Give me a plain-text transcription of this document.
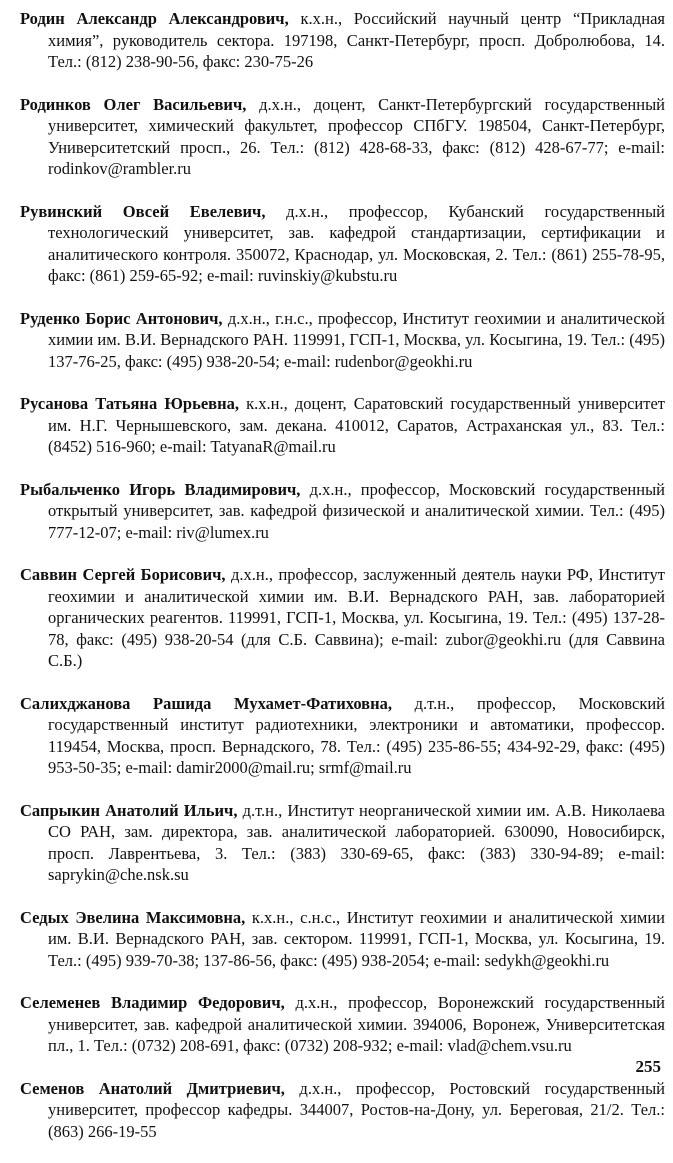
Родин Александр Александрович, к.х.н., Российский научный центр “Прикладная химия”, руководитель сектора. 197198, Санкт-Петербург, просп. Добролюбова, 14. Тел.: (812) 238-90-56, факс: 230-75-26

Родинков Олег Васильевич, д.х.н., доцент, Санкт-Петербургский государственный университет, химический факультет, профессор СПбГУ. 198504, Санкт-Петербург, Университетский просп., 26. Тел.: (812) 428-68-33, факс: (812) 428-67-77; e-mail: rodinkov@rambler.ru

Рувинский Овсей Евелевич, д.х.н., профессор, Кубанский государственный технологический университет, зав. кафедрой стандартизации, сертификации и аналитического контроля. 350072, Краснодар, ул. Московская, 2. Тел.: (861) 255-78-95, факс: (861) 259-65-92; e-mail: ruvinskiy@kubstu.ru

Руденко Борис Антонович, д.х.н., г.н.с., профессор, Институт геохимии и аналитической химии им. В.И. Вернадского РАН. 119991, ГСП-1, Москва, ул. Косыгина, 19. Тел.: (495) 137-76-25, факс: (495) 938-20-54; e-mail: rudenbor@geokhi.ru

Русанова Татьяна Юрьевна, к.х.н., доцент, Саратовский государственный университет им. Н.Г. Чернышевского, зам. декана. 410012, Саратов, Астраханская ул., 83. Тел.: (8452) 516-960; e-mail: TatyanaR@mail.ru

Рыбальченко Игорь Владимирович, д.х.н., профессор, Московский государственный открытый университет, зав. кафедрой физической и аналитической химии. Тел.: (495) 777-12-07; e-mail: riv@lumex.ru

Саввин Сергей Борисович, д.х.н., профессор, заслуженный деятель науки РФ, Институт геохимии и аналитической химии им. В.И. Вернадского РАН, зав. лабораторией органических реагентов. 119991, ГСП-1, Москва, ул. Косыгина, 19. Тел.: (495) 137-28-78, факс: (495) 938-20-54 (для С.Б. Саввина); e-mail: zubor@geokhi.ru (для Саввина С.Б.)

Салихджанова Рашида Мухамет-Фатиховна, д.т.н., профессор, Московский государственный институт радиотехники, электроники и автоматики, профессор. 119454, Москва, просп. Вернадского, 78. Тел.: (495) 235-86-55; 434-92-29, факс: (495) 953-50-35; e-mail: damir2000@mail.ru; srmf@mail.ru

Сапрыкин Анатолий Ильич, д.т.н., Институт неорганической химии им. А.В. Николаева СО РАН, зам. директора, зав. аналитической лабораторией. 630090, Новосибирск, просп. Лаврентьева, 3. Тел.: (383) 330-69-65, факс: (383) 330-94-89; e-mail: saprykin@che.nsk.su

Седых Эвелина Максимовна, к.х.н., с.н.с., Институт геохимии и аналитической химии им. В.И. Вернадского РАН, зав. сектором. 119991, ГСП-1, Москва, ул. Косыгина, 19. Тел.: (495) 939-70-38; 137-86-56, факс: (495) 938-2054; e-mail: sedykh@geokhi.ru

Селеменев Владимир Федорович, д.х.н., профессор, Воронежский государственный университет, зав. кафедрой аналитической химии. 394006, Воронеж, Университетская пл., 1. Тел.: (0732) 208-691, факс: (0732) 208-932; e-mail: vlad@chem.vsu.ru

Семенов Анатолий Дмитриевич, д.х.н., профессор, Ростовский государственный университет, профессор кафедры. 344007, Ростов-на-Дону, ул. Береговая, 21/2. Тел.: (863) 266-19-55

255
